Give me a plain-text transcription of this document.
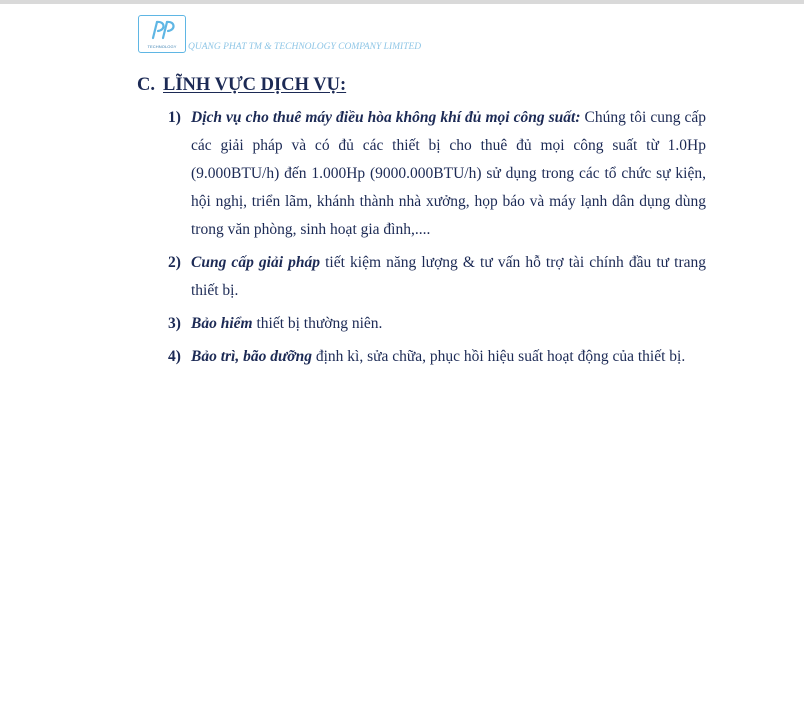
TECHNOLOGY	QUANG PHAT TM & TECHNOLOGY COMPANY LIMITED
C. LĨNH VỰC DỊCH VỤ:
1) Dịch vụ cho thuê máy điều hòa không khí đủ mọi công suất: Chúng tôi cung cấp các giải pháp và có đủ các thiết bị cho thuê đủ mọi công suất từ 1.0Hp (9.000BTU/h) đến 1.000Hp (9000.000BTU/h) sử dụng trong các tổ chức sự kiện, hội nghị, triển lãm, khánh thành nhà xưởng, họp báo và máy lạnh dân dụng dùng trong văn phòng, sinh hoạt gia đình,....
2) Cung cấp giải pháp tiết kiệm năng lượng & tư vấn hỗ trợ tài chính đầu tư trang thiết bị.
3) Bảo hiểm thiết bị thường niên.
4) Bảo trì, bão dưỡng định kì, sửa chữa, phục hồi hiệu suất hoạt động của thiết bị.
